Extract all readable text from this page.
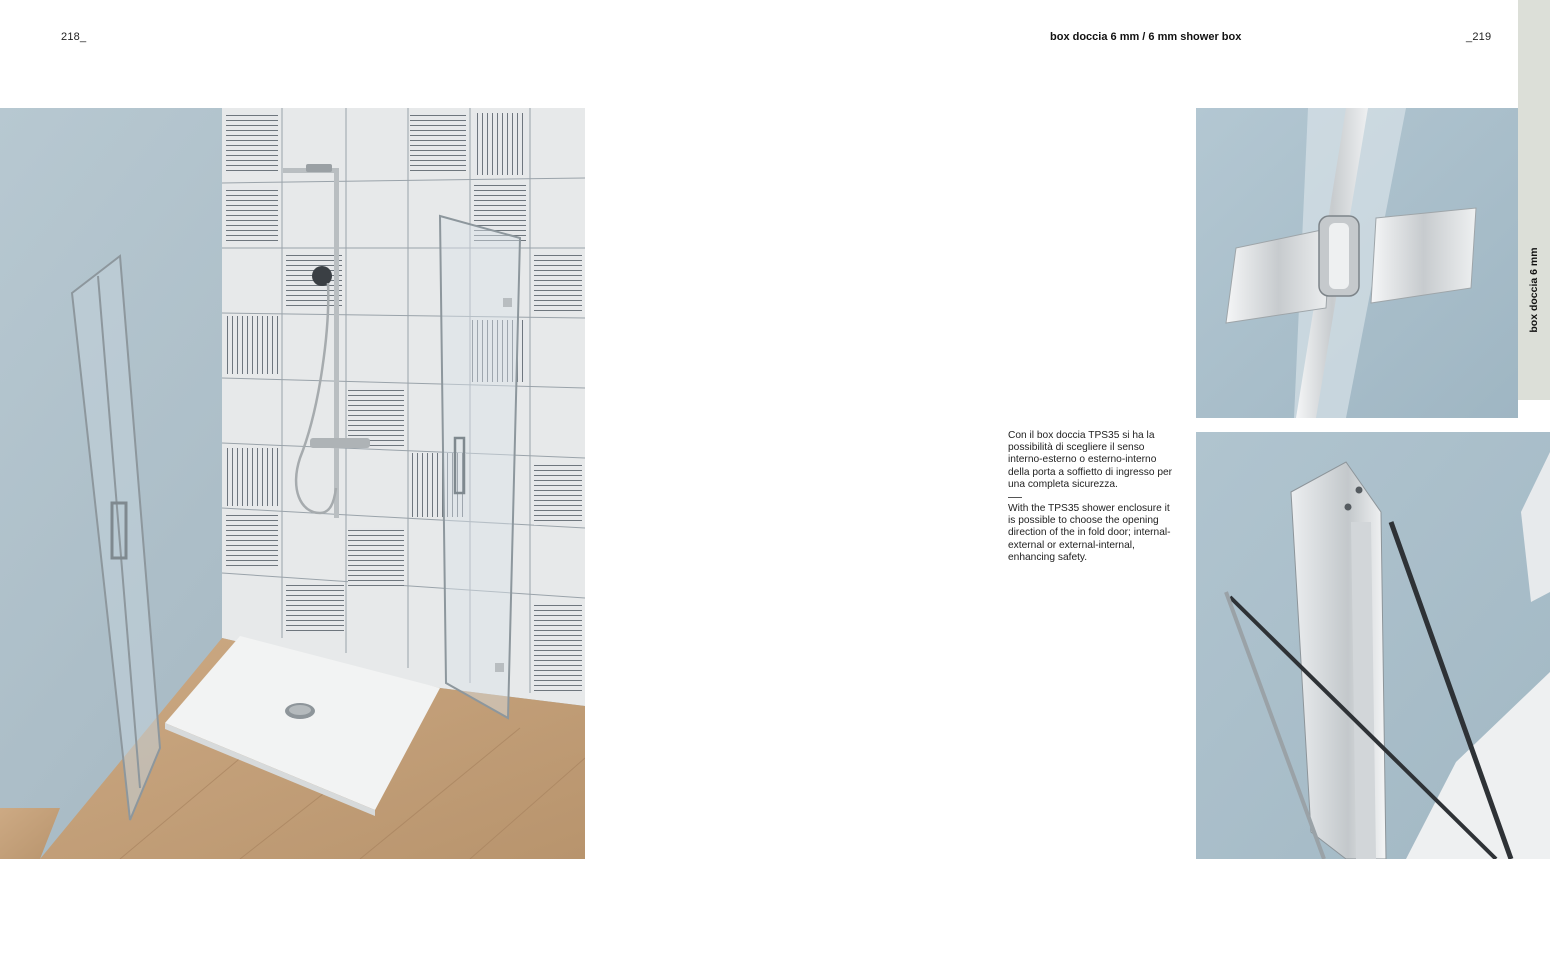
218_	box doccia 6 mm / 6 mm shower box	_219
box doccia 6 mm

Con il box doccia TPS35 si ha la possibilità di scegliere il senso interno-esterno o esterno-interno della porta a soffietto di ingresso per una completa sicurezza.

With the TPS35 shower enclosure it is possible to choose the opening direction of the in fold door; internal-external or external-internal, enhancing safety.
